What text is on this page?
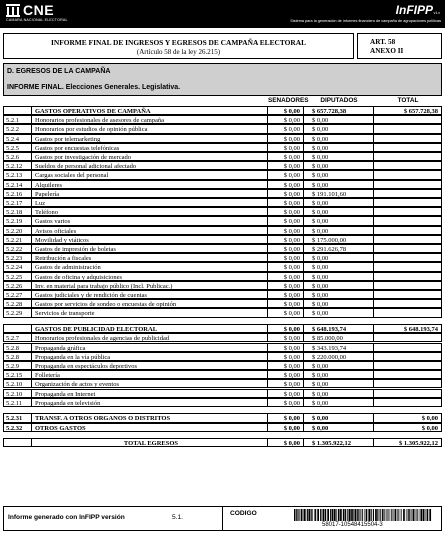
CNE
CAMARA NACIONAL ELECTORAL
InFIPP v1.x
Sistema para la generación de informes financiero de campaña de agrupaciones políticas
INFORME FINAL DE INGRESOS Y EGRESOS DE CAMPAÑA ELECTORAL
(Artículo 58 de la ley 26.215)
ART. 58
ANEXO II
D. EGRESOS DE LA CAMPAÑA
INFORME FINAL. Elecciones Generales. Legislativa.
SENADORES	DIPUTADOS	TOTAL
GASTOS OPERATIVOS DE CAMPAÑA	$ 0,00	$ 657.728,38	$ 657.728,38
5.2.1	Honorarios profesionales de asesores de campaña	$ 0,00	$ 0,00
5.2.2	Honorarios por estudios de opinión pública	$ 0,00	$ 0,00
5.2.4	Gastos por telemarketing	$ 0,00	$ 0,00
5.2.5	Gastos por encuestas telefónicas	$ 0,00	$ 0,00
5.2.6	Gastos por investigación de mercado	$ 0,00	$ 0,00
5.2.12	Sueldos de personal adicional afectado	$ 0,00	$ 0,00
5.2.13	Cargas sociales del personal	$ 0,00	$ 0,00
5.2.14	Alquileres	$ 0,00	$ 0,00
5.2.16	Papelería	$ 0,00	$ 191.101,60
5.2.17	Luz	$ 0,00	$ 0,00
5.2.18	Teléfono	$ 0,00	$ 0,00
5.2.19	Gastos varios	$ 0,00	$ 0,00
5.2.20	Avisos oficiales	$ 0,00	$ 0,00
5.2.21	Movilidad y viáticos	$ 0,00	$ 175.000,00
5.2.22	Gastos de impresión de boletas	$ 0,00	$ 291.626,78
5.2.23	Retribución a fiscales	$ 0,00	$ 0,00
5.2.24	Gastos de administración	$ 0,00	$ 0,00
5.2.25	Gastos de oficina y adquisiciones	$ 0,00	$ 0,00
5.2.26	Inv. en material para trabajo público (Incl. Publicac.)	$ 0,00	$ 0,00
5.2.27	Gastos judiciales y de rendición de cuentas	$ 0,00	$ 0,00
5.2.28	Gastos por servicios de sondeo o encuestas de opinión	$ 0,00	$ 0,00
5.2.29	Servicios de transporte	$ 0,00	$ 0,00
GASTOS DE PUBLICIDAD ELECTORAL	$ 0,00	$ 648.193,74	$ 648.193,74
5.2.7	Honorarios profesionales de agencias de publicidad	$ 0,00	$ 85.000,00
5.2.8	Propaganda gráfica	$ 0,00	$ 343.193,74
5.2.8	Propaganda en la vía pública	$ 0,00	$ 220.000,00
5.2.9	Propaganda en espectáculos deportivos	$ 0,00	$ 0,00
5.2.15	Folletería	$ 0,00	$ 0,00
5.2.10	Organización de actos y eventos	$ 0,00	$ 0,00
5.2.10	Propaganda en Internet	$ 0,00	$ 0,00
5.2.11	Propaganda en televisión	$ 0,00	$ 0,00
5.2.31	TRANSF. A OTROS ORGANOS O DISTRITOS	$ 0,00	$ 0,00	$ 0,00
5.2.32	OTROS GASTOS	$ 0,00	$ 0,00	$ 0,00
TOTAL EGRESOS	$ 0,00	$ 1.305.922,12	$ 1.305.922,12
Informe generado con InFIPP versión	5.1.
CODIGO
58017-10548415504-3
